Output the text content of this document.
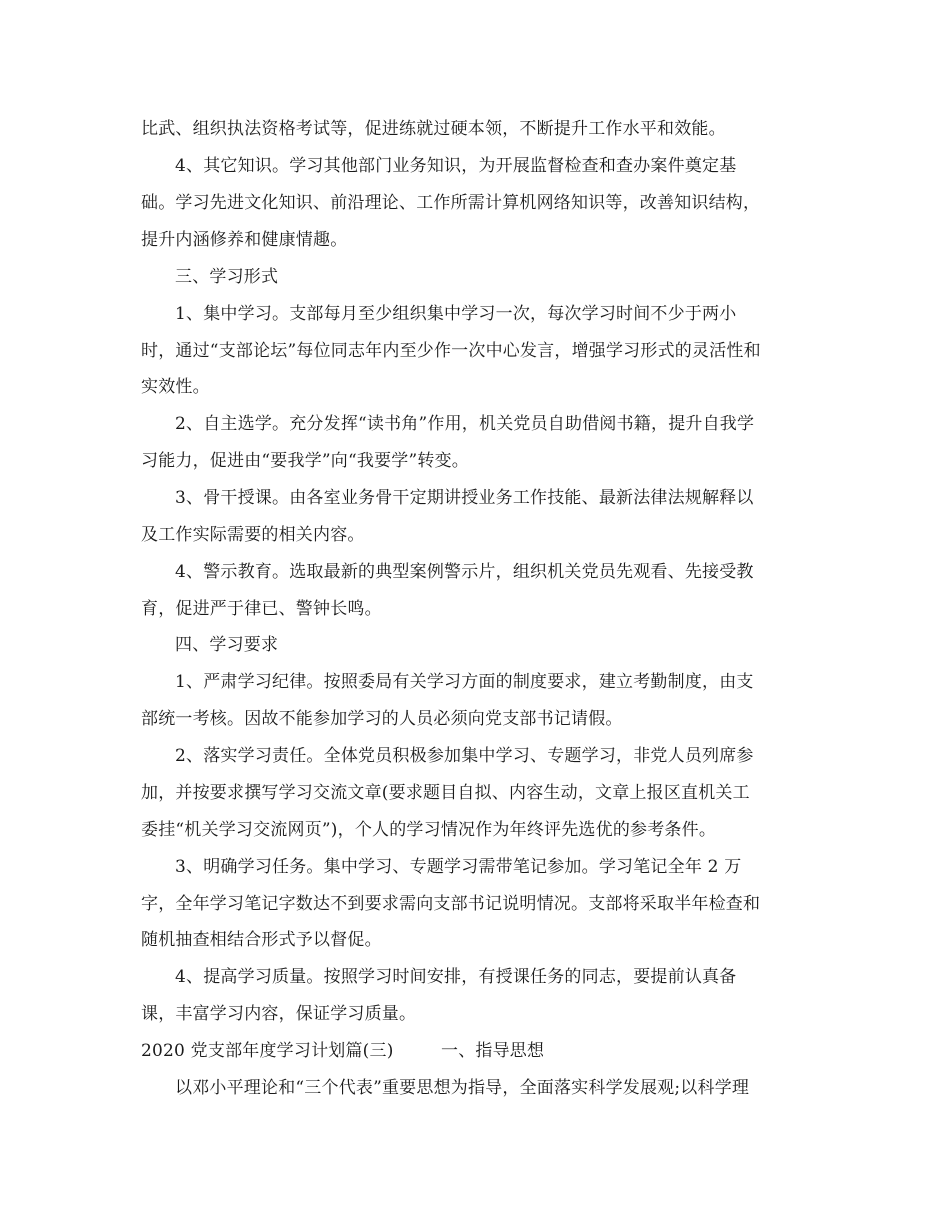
比武、组织执法资格考试等，促进练就过硬本领，不断提升工作水平和效能。
4、其它知识。学习其他部门业务知识，为开展监督检查和查办案件奠定基
础。学习先进文化知识、前沿理论、工作所需计算机网络知识等，改善知识结构，
提升内涵修养和健康情趣。
三、学习形式
1、集中学习。支部每月至少组织集中学习一次，每次学习时间不少于两小
时，通过“支部论坛”每位同志年内至少作一次中心发言，增强学习形式的灵活性和
实效性。
2、自主选学。充分发挥“读书角”作用，机关党员自助借阅书籍，提升自我学
习能力，促进由“要我学”向“我要学”转变。
3、骨干授课。由各室业务骨干定期讲授业务工作技能、最新法律法规解释以
及工作实际需要的相关内容。
4、警示教育。选取最新的典型案例警示片，组织机关党员先观看、先接受教
育，促进严于律已、警钟长鸣。
四、学习要求
1、严肃学习纪律。按照委局有关学习方面的制度要求，建立考勤制度，由支
部统一考核。因故不能参加学习的人员必须向党支部书记请假。
2、落实学习责任。全体党员积极参加集中学习、专题学习，非党人员列席参
加，并按要求撰写学习交流文章(要求题目自拟、内容生动，文章上报区直机关工
委挂“机关学习交流网页”)，个人的学习情况作为年终评先选优的参考条件。
3、明确学习任务。集中学习、专题学习需带笔记参加。学习笔记全年 2 万
字，全年学习笔记字数达不到要求需向支部书记说明情况。支部将采取半年检查和
随机抽查相结合形式予以督促。
4、提高学习质量。按照学习时间安排，有授课任务的同志，要提前认真备
课，丰富学习内容，保证学习质量。
2020 党支部年度学习计划篇(三)	一、指导思想
以邓小平理论和“三个代表”重要思想为指导，全面落实科学发展观;以科学理
